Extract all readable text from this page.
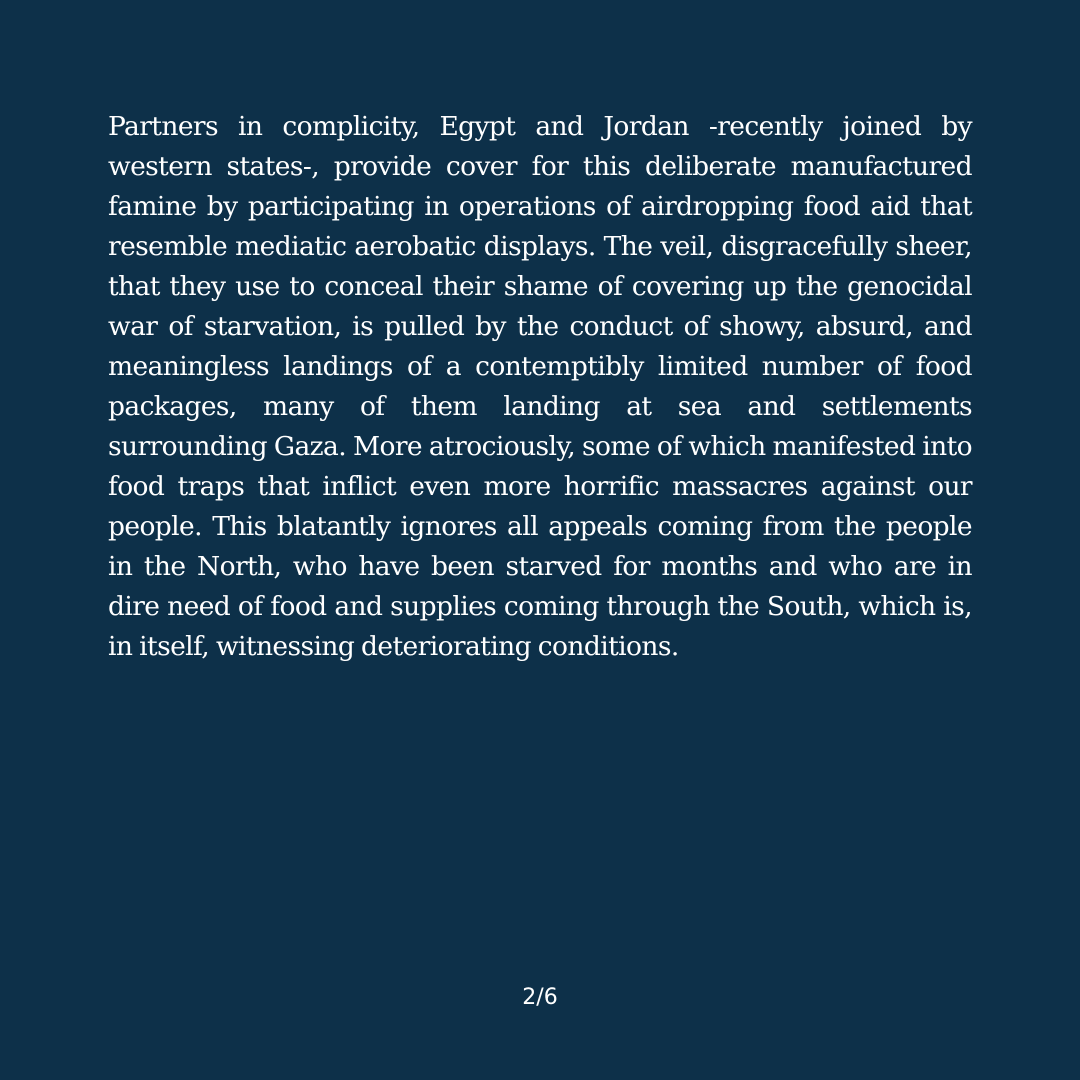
Partners in complicity, Egypt and Jordan -recently joined by western states-, provide cover for this deliberate manufactured famine by participating in operations of airdropping food aid that resemble mediatic aerobatic displays. The veil, disgracefully sheer, that they use to conceal their shame of covering up the genocidal war of starvation, is pulled by the conduct of showy, absurd, and meaningless landings of a contemptibly limited number of food packages, many of them landing at sea and settlements surrounding Gaza. More atrociously, some of which manifested into food traps that inflict even more horrific massacres against our people. This blatantly ignores all appeals coming from the people in the North, who have been starved for months and who are in dire need of food and supplies coming through the South, which is, in itself, witnessing deteriorating conditions.

2/6
